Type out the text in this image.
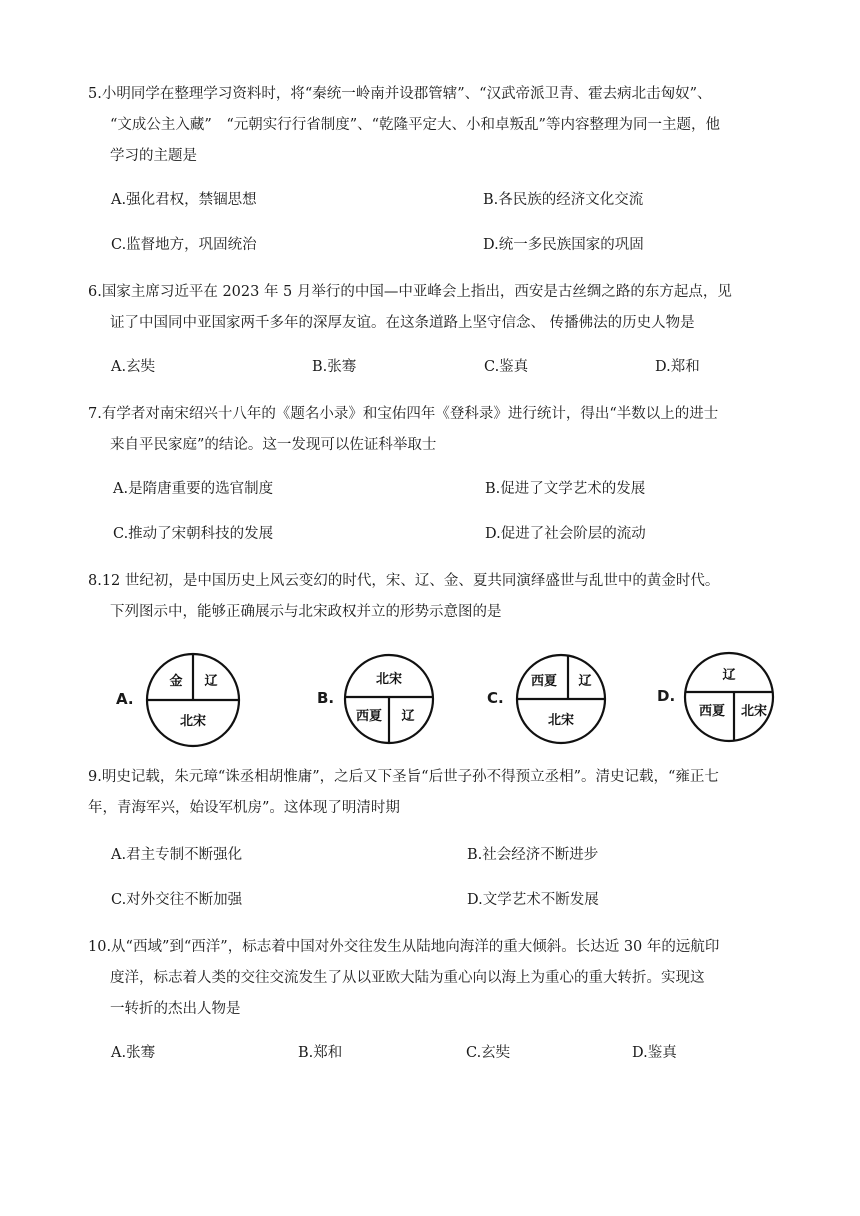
5.小明同学在整理学习资料时，将“秦统一岭南并设郡管辖”、“汉武帝派卫青、霍去病北击匈奴”、

“文成公主入藏”　“元朝实行行省制度”、“乾隆平定大、小和卓叛乱”等内容整理为同一主题，他

学习的主题是

A.强化君权，禁锢思想	B.各民族的经济文化交流
C.监督地方，巩固统治	D.统一多民族国家的巩固

6.国家主席习近平在 2023 年 5 月举行的中国—中亚峰会上指出，西安是古丝绸之路的东方起点，见

证了中国同中亚国家两千多年的深厚友谊。在这条道路上坚守信念、 传播佛法的历史人物是

A.玄奘	B.张骞	C.鉴真	D.郑和

7.有学者对南宋绍兴十八年的《题名小录》和宝佑四年《登科录》进行统计，得出“半数以上的进士

来自平民家庭”的结论。这一发现可以佐证科举取士

A.是隋唐重要的选官制度	B.促进了文学艺术的发展
C.推动了宋朝科技的发展	D.促进了社会阶层的流动

8.12 世纪初，是中国历史上风云变幻的时代，宋、辽、金、夏共同演绎盛世与乱世中的黄金时代。

下列图示中，能够正确展示与北宋政权并立的形势示意图的是

A.
金 辽
北宋
B.
北宋
西夏 辽
C.
西夏 辽
北宋
D.
辽
西夏 北宋

9.明史记载，朱元璋“诛丞相胡惟庸”，之后又下圣旨“后世子孙不得预立丞相”。清史记载，“雍正七

年，青海军兴，始设军机房”。这体现了明清时期

A.君主专制不断强化	B.社会经济不断进步
C.对外交往不断加强	D.文学艺术不断发展

10.从“西域”到“西洋”，标志着中国对外交往发生从陆地向海洋的重大倾斜。长达近 30 年的远航印

度洋，标志着人类的交往交流发生了从以亚欧大陆为重心向以海上为重心的重大转折。实现这

一转折的杰出人物是

A.张骞	B.郑和	C.玄奘	D.鉴真
